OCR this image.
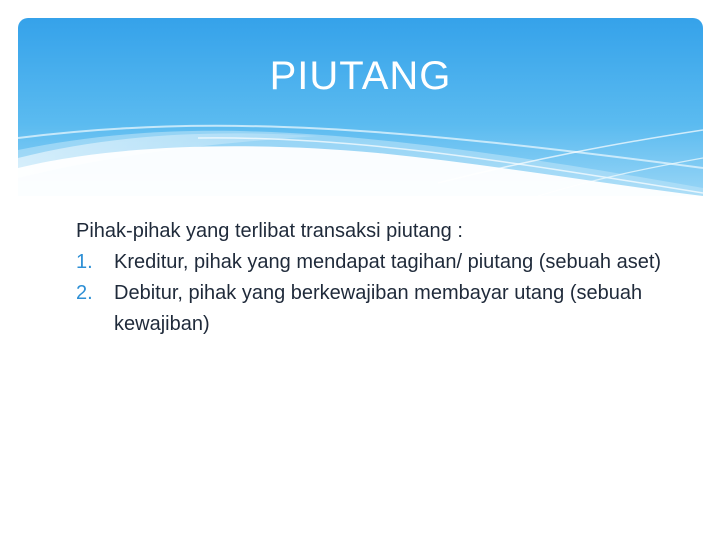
PIUTANG

Pihak-pihak yang terlibat transaksi piutang :

1.	Kreditur, pihak yang mendapat tagihan/ piutang (sebuah aset)
2.	Debitur, pihak yang berkewajiban membayar utang (sebuah kewajiban)
